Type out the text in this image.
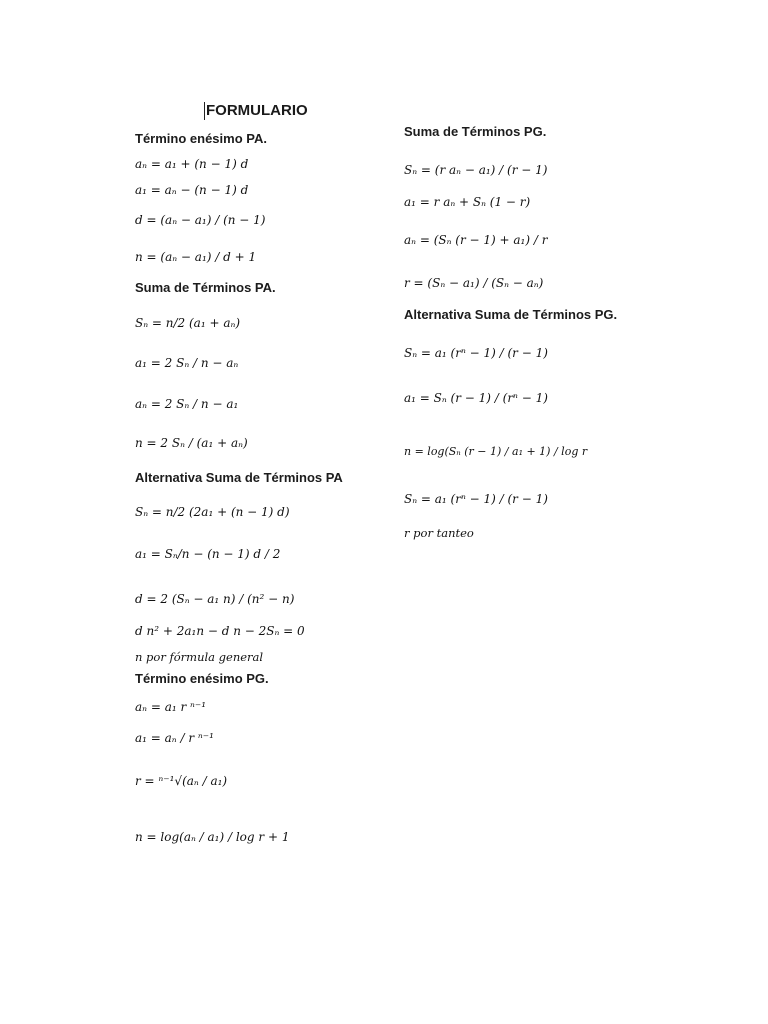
FORMULARIO
Término enésimo PA.
aₙ = a₁ + (n − 1) d
a₁ = aₙ − (n − 1) d
d = (aₙ − a₁) / (n − 1)
n = (aₙ − a₁) / d + 1
Suma de Términos PA.
Sₙ = n/2 (a₁ + aₙ)
a₁ = 2 Sₙ / n − aₙ
aₙ = 2 Sₙ / n − a₁
n = 2 Sₙ / (a₁ + aₙ)
Alternativa Suma de Términos PA
Sₙ = n/2 (2a₁ + (n − 1) d)
a₁ = Sₙ/n − (n − 1) d / 2
d = 2 (Sₙ − a₁ n) / (n² − n)
d n² + 2a₁n − d n − 2Sₙ = 0
n por fórmula general
Término enésimo PG.
aₙ = a₁ r ⁿ⁻¹
a₁ = aₙ / r ⁿ⁻¹
r = ⁿ⁻¹√(aₙ / a₁)
n = log(aₙ / a₁) / log r + 1
Suma de Términos PG.
Sₙ = (r aₙ − a₁) / (r − 1)
a₁ = r aₙ + Sₙ (1 − r)
aₙ = (Sₙ (r − 1) + a₁) / r
r = (Sₙ − a₁) / (Sₙ − aₙ)
Alternativa Suma de Términos PG.
Sₙ = a₁ (rⁿ − 1) / (r − 1)
a₁ = Sₙ (r − 1) / (rⁿ − 1)
n = log(Sₙ (r − 1) / a₁ + 1) / log r
Sₙ = a₁ (rⁿ − 1) / (r − 1)
r por tanteo
